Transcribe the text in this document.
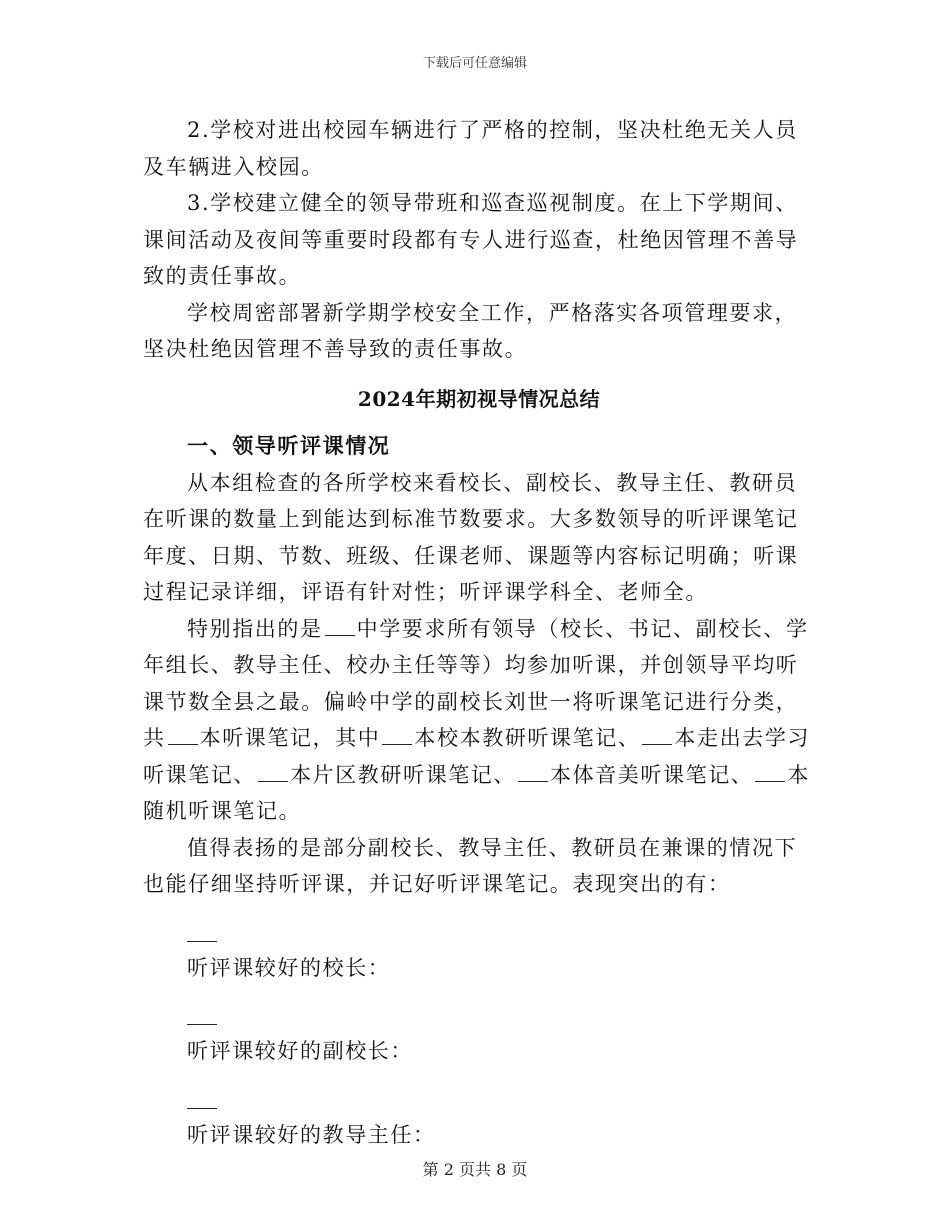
下载后可任意编辑

2.学校对进出校园车辆进行了严格的控制，坚决杜绝无关人员及车辆进入校园。

3.学校建立健全的领导带班和巡查巡视制度。在上下学期间、课间活动及夜间等重要时段都有专人进行巡查，杜绝因管理不善导致的责任事故。

学校周密部署新学期学校安全工作，严格落实各项管理要求，坚决杜绝因管理不善导致的责任事故。

2024年期初视导情况总结

一、领导听评课情况

从本组检查的各所学校来看校长、副校长、教导主任、教研员在听课的数量上到能达到标准节数要求。大多数领导的听评课笔记年度、日期、节数、班级、任课老师、课题等内容标记明确；听课过程记录详细，评语有针对性；听评课学科全、老师全。

特别指出的是 中学要求所有领导（校长、书记、副校长、学年组长、教导主任、校办主任等等）均参加听课，并创领导平均听课节数全县之最。偏岭中学的副校长刘世一将听课笔记进行分类，共 本听课笔记，其中 本校本教研听课笔记、 本走出去学习听课笔记、 本片区教研听课笔记、 本体音美听课笔记、 本随机听课笔记。

值得表扬的是部分副校长、教导主任、教研员在兼课的情况下也能仔细坚持听评课，并记好听评课笔记。表现突出的有：

听评课较好的校长：

听评课较好的副校长：

听评课较好的教导主任：

第 2 页共 8 页
